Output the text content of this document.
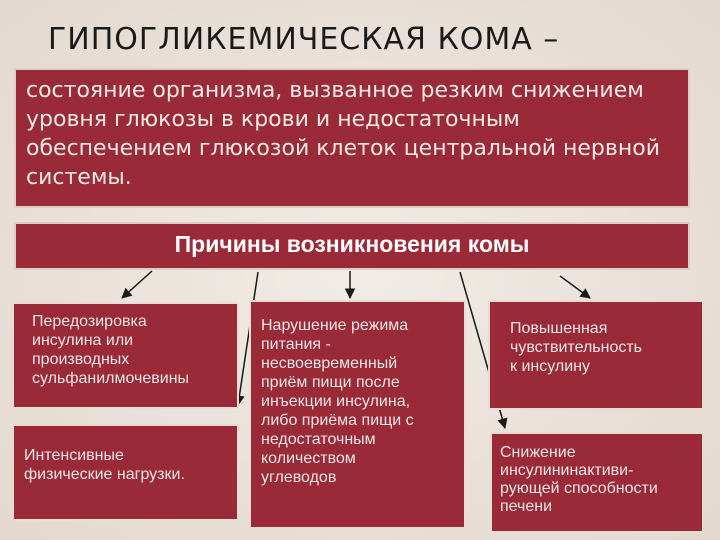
ГИПОГЛИКЕМИЧЕСКАЯ КОМА –
состояние организма, вызванное резким снижением уровня глюкозы в крови и недостаточным обеспечением глюкозой клеток центральной нервной системы.
Причины возникновения комы
Передозировка
инсулина или
производных
сульфанилмочевины
Интенсивные
физические нагрузки.
Нарушение режима
питания -
несвоевременный
приём пищи после
инъекции инсулина,
либо приёма пищи с
недостаточным
количеством
углеводов
Повышенная
чувствительность
к инсулину
Снижение
инсулининактиви-
рующей способности
печени
